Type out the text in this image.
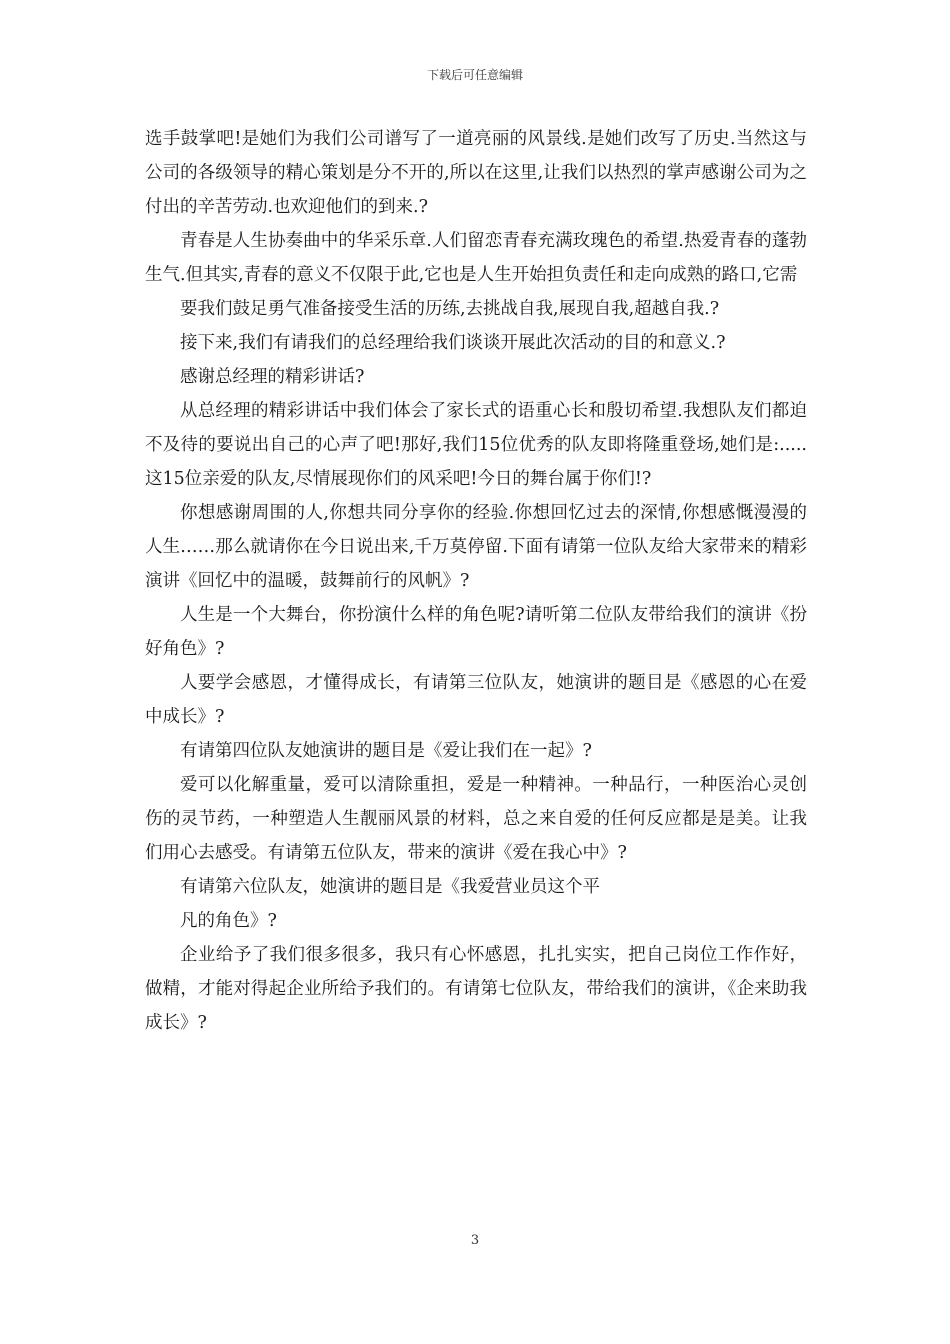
下载后可任意编辑

选手鼓掌吧!是她们为我们公司谱写了一道亮丽的风景线.是她们改写了历史.当然这与公司的各级领导的精心策划是分不开的,所以在这里,让我们以热烈的掌声感谢公司为之付出的辛苦劳动.也欢迎他们的到来.?

青春是人生协奏曲中的华采乐章.人们留恋青春充满玫瑰色的希望.热爱青春的蓬勃生气.但其实,青春的意义不仅限于此,它也是人生开始担负责任和走向成熟的路口,它需

要我们鼓足勇气准备接受生活的历练,去挑战自我,展现自我,超越自我.?

接下来,我们有请我们的总经理给我们谈谈开展此次活动的目的和意义.?

感谢总经理的精彩讲话?

从总经理的精彩讲话中我们体会了家长式的语重心长和殷切希望.我想队友们都迫不及待的要说出自己的心声了吧!那好,我们15位优秀的队友即将隆重登场,她们是:.....这15位亲爱的队友,尽情展现你们的风采吧!今日的舞台属于你们!?

你想感谢周围的人,你想共同分享你的经验.你想回忆过去的深情,你想感慨漫漫的人生……那么就请你在今日说出来,千万莫停留.下面有请第一位队友给大家带来的精彩演讲《回忆中的温暖，鼓舞前行的风帆》?

人生是一个大舞台，你扮演什么样的角色呢?请听第二位队友带给我们的演讲《扮好角色》?

人要学会感恩，才懂得成长，有请第三位队友，她演讲的题目是《感恩的心在爱中成长》?

有请第四位队友她演讲的题目是《爱让我们在一起》?

爱可以化解重量，爱可以清除重担，爱是一种精神。一种品行，一种医治心灵创伤的灵节药，一种塑造人生靓丽风景的材料，总之来自爱的任何反应都是是美。让我们用心去感受。有请第五位队友，带来的演讲《爱在我心中》?

有请第六位队友，她演讲的题目是《我爱营业员这个平

凡的角色》?

企业给予了我们很多很多，我只有心怀感恩，扎扎实实，把自己岗位工作作好，做精，才能对得起企业所给予我们的。有请第七位队友，带给我们的演讲，《企来助我成长》?

3
